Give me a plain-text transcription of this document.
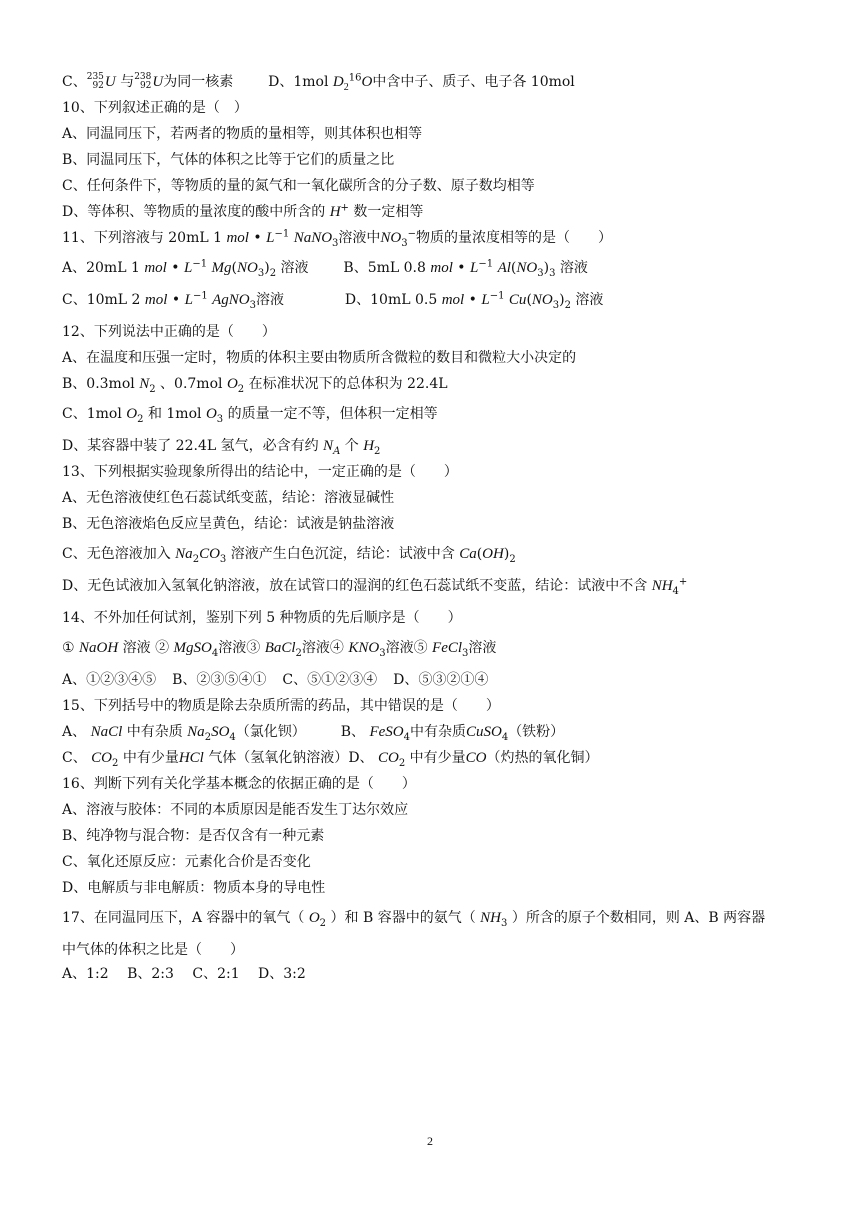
C、 235
92 U 与 238
92 U为同一核素 D、1mol $D_2^{16}O$中含中子、质子、电子各 10mol
10、下列叙述正确的是（　）
A、同温同压下，若两者的物质的量相等，则其体积也相等
B、同温同压下，气体的体积之比等于它们的质量之比
C、任何条件下，等物质的量的氮气和一氧化碳所含的分子数、原子数均相等
D、等体积、等物质的量浓度的酸中所含的 H+ 数一定相等
11、下列溶液与 20mL 1 mol • $L^{-1}$ NaNO$_3$溶液中$NO_3^-$物质的量浓度相等的是（　　）
A、20mL 1 mol • $L^{-1}$ $Mg(NO_3)_2$ 溶液 B、5mL 0.8 mol • $L^{-1}$ $Al(NO_3)_3$ 溶液
C、10mL 2 mol • $L^{-1}$ AgNO$_3$溶液	D、10mL 0.5 mol • $L^{-1}$ $Cu(NO_3)_2$ 溶液
12、下列说法中正确的是（　　）
A、在温度和压强一定时，物质的体积主要由物质所含微粒的数目和微粒大小决定的
B、0.3mol $N_2$ 、0.7mol $O_2$ 在标准状况下的总体积为 22.4L
C、1mol $O_2$ 和 1mol $O_3$ 的质量一定不等，但体积一定相等
D、某容器中装了 22.4L 氢气，必含有约 $N_A$ 个 $H_2$
13、下列根据实验现象所得出的结论中，一定正确的是（　　）
A、无色溶液使红色石蕊试纸变蓝，结论：溶液显碱性
B、无色溶液焰色反应呈黄色，结论：试液是钠盐溶液
C、无色溶液加入 $Na_2CO_3$ 溶液产生白色沉淀，结论：试液中含 $Ca(OH)_2$
D、无色试液加入氢氧化钠溶液，放在试管口的湿润的红色石蕊试纸不变蓝，结论：试液中不含 $NH_4^+$
14、不外加任何试剂，鉴别下列 5 种物质的先后顺序是（　　）
① NaOH 溶液 ② MgSO$_4$溶液③ BaCl$_2$溶液④ $KNO_3$溶液⑤ FeCl$_3$溶液
A、①②③④⑤ B、②③⑤④① C、⑤①②③④ D、⑤③②①④
15、下列括号中的物质是除去杂质所需的药品，其中错误的是（　　）
A、 NaCl 中有杂质 $Na_2SO_4$（氯化钡） B、 FeSO$_4$中有杂质CuSO$_4$（铁粉）
C、 $CO_2$ 中有少量HCl 气体（氢氧化钠溶液）D、 $CO_2$ 中有少量CO（灼热的氧化铜）
16、判断下列有关化学基本概念的依据正确的是（　　）
A、溶液与胶体：不同的本质原因是能否发生丁达尔效应
B、纯净物与混合物：是否仅含有一种元素
C、氧化还原反应：元素化合价是否变化
D、电解质与非电解质：物质本身的导电性
17、在同温同压下，A 容器中的氧气（ $O_2$ ）和 B 容器中的氨气（ $NH_3$ ）所含的原子个数相同，则 A、B 两容器
中气体的体积之比是（　　）
A、1:2　 B、2:3　 C、2:1　 D、3:2
2
